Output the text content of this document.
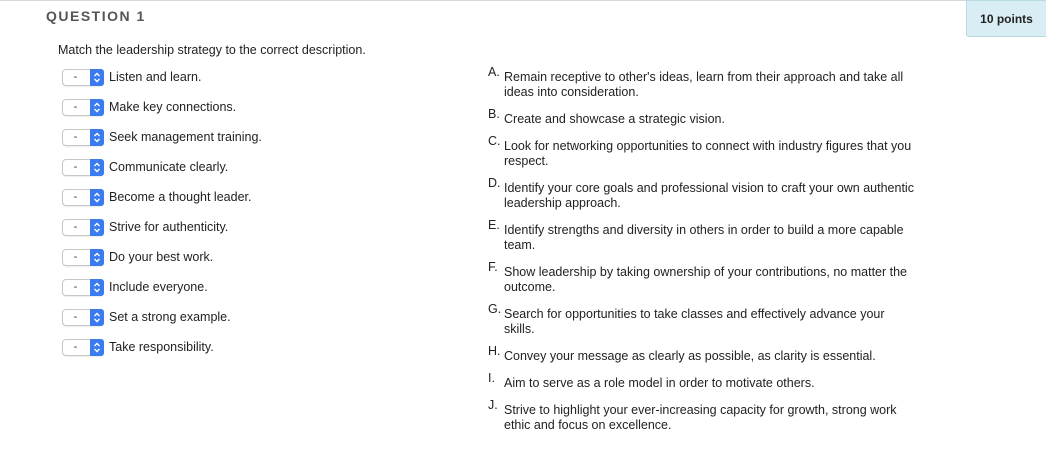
QUESTION 1	10 points
Match the leadership strategy to the correct description.
-	Listen and learn.
-	Make key connections.
-	Seek management training.
-	Communicate clearly.
-	Become a thought leader.
-	Strive for authenticity.
-	Do your best work.
-	Include everyone.
-	Set a strong example.
-	Take responsibility.
A. Remain receptive to other's ideas, learn from their approach and take all ideas into consideration.
B. Create and showcase a strategic vision.
C. Look for networking opportunities to connect with industry figures that you respect.
D. Identify your core goals and professional vision to craft your own authentic leadership approach.
E. Identify strengths and diversity in others in order to build a more capable team.
F. Show leadership by taking ownership of your contributions, no matter the outcome.
G. Search for opportunities to take classes and effectively advance your skills.
H. Convey your message as clearly as possible, as clarity is essential.
I. Aim to serve as a role model in order to motivate others.
J. Strive to highlight your ever-increasing capacity for growth, strong work ethic and focus on excellence.
